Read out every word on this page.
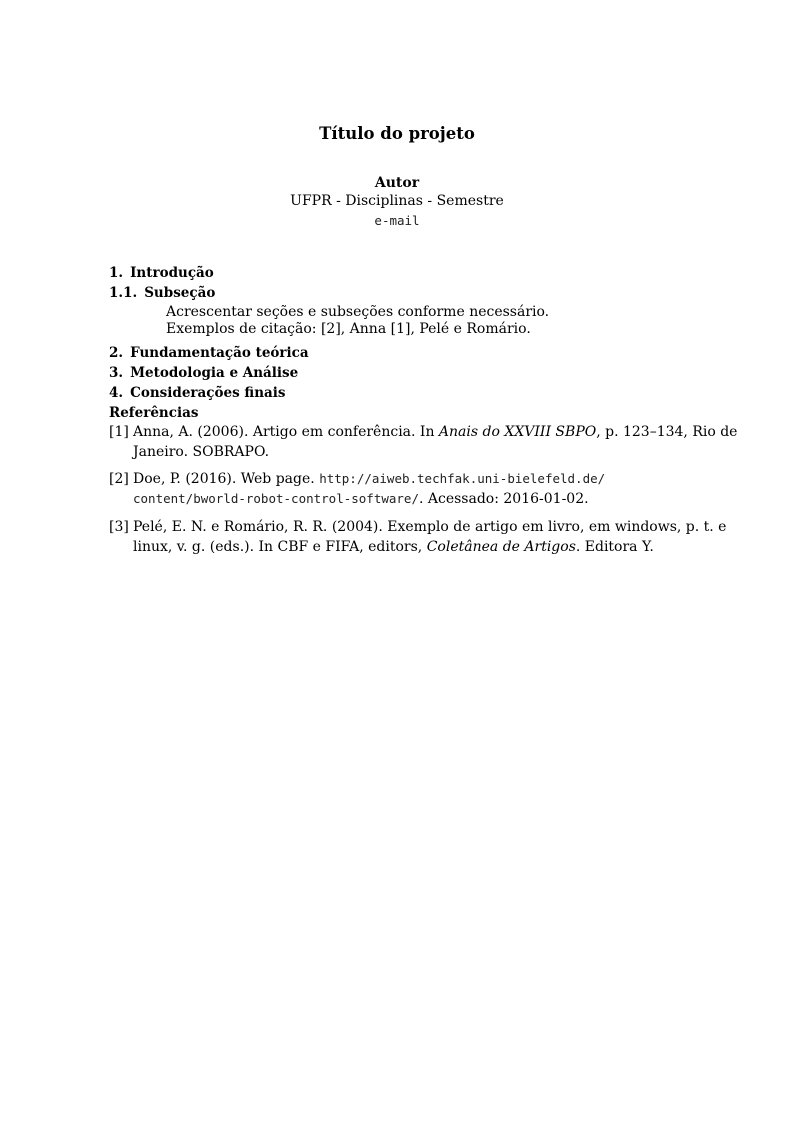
Título do projeto
Autor
UFPR - Disciplinas - Semestre
e-mail
1. Introdução
1.1. Subseção
Acrescentar seções e subseções conforme necessário.
Exemplos de citação: [2], Anna [1], Pelé e Romário.
2. Fundamentação teórica
3. Metodologia e Análise
4. Considerações finais
Referências
[1] Anna, A. (2006). Artigo em conferência. In Anais do XXVIII SBPO, p. 123–134, Rio de
Janeiro. SOBRAPO.
[2] Doe, P. (2016). Web page. http://aiweb.techfak.uni-bielefeld.de/
content/bworld-robot-control-software/. Acessado: 2016-01-02.
[3] Pelé, E. N. e Romário, R. R. (2004). Exemplo de artigo em livro, em windows, p. t. e
linux, v. g. (eds.). In CBF e FIFA, editors, Coletânea de Artigos. Editora Y.
